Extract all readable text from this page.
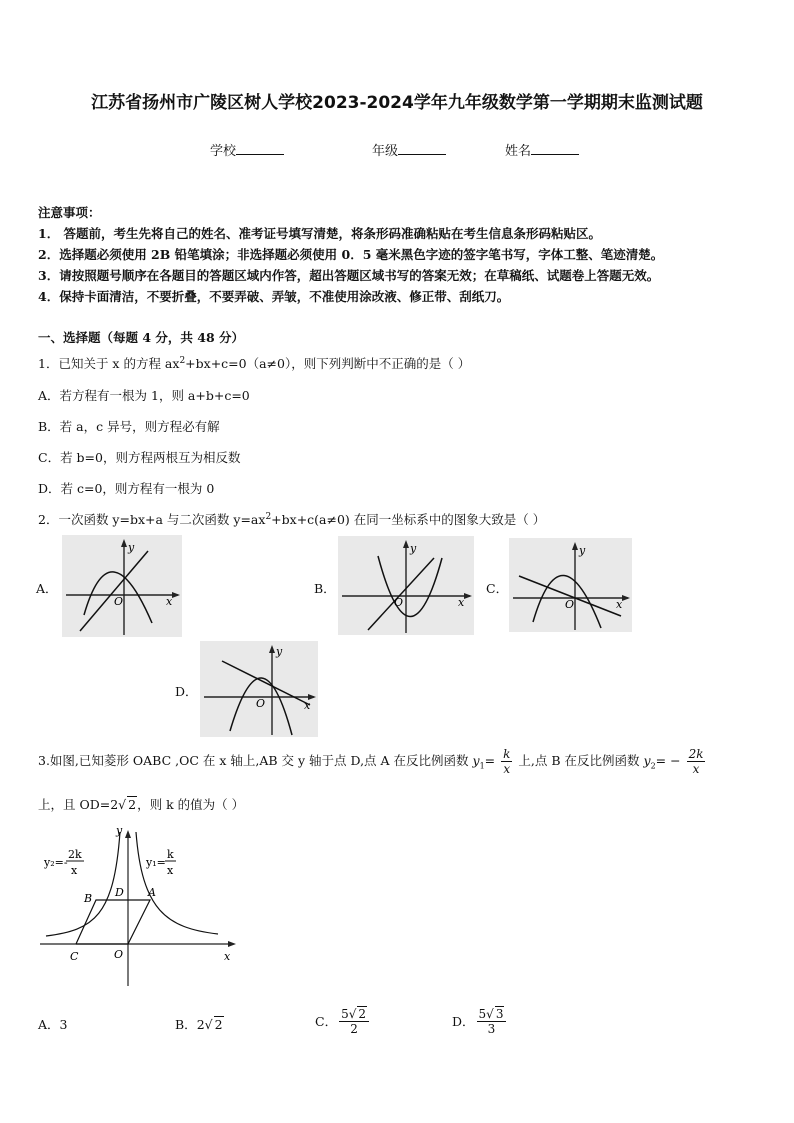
江苏省扬州市广陵区树人学校2023-2024学年九年级数学第一学期期末监测试题
学校	年级	姓名
注意事项：
1． 答题前，考生先将自己的姓名、准考证号填写清楚，将条形码准确粘贴在考生信息条形码粘贴区。
2．选择题必须使用 2B 铅笔填涂；非选择题必须使用 0．5 毫米黑色字迹的签字笔书写，字体工整、笔迹清楚。
3．请按照题号顺序在各题目的答题区域内作答，超出答题区域书写的答案无效；在草稿纸、试题卷上答题无效。
4．保持卡面清洁，不要折叠，不要弄破、弄皱，不准使用涂改液、修正带、刮纸刀。
一、选择题（每题 4 分，共 48 分）
1．已知关于 x 的方程 $ax^2+bx+c=0(a\ne 0)$，则下列判断中不正确的是（ ）
A．若方程有一根为 1，则 a+b+c=0
B．若 a，c 异号，则方程必有解
C．若 b=0，则方程两根互为相反数
D．若 c=0，则方程有一根为 0
2．一次函数 y=bx+a 与二次函数 $y=ax^2+bx+c(a\ne 0)$ 在同一坐标系中的图象大致是（ ）
A．
O	x
y
B．
O	x
y
C．
O	x
y
D．
O	x
y
3.如图,已知菱形 OABC ,OC 在 x 轴上,AB 交 y 轴于点 D,点 A 在反比例函数 $y_1= \frac{k}{x}$ 上,点 B 在反比例函数 $y_2= - \frac{2k}{x}$
上，且 OD=2√ 2，则 k 的值为（ ）
y₂=-
2k
x
y₁=
k
x
B D A
C	O	x
y
A．3	B．2√ 2	C． $\frac{5√ 2}{2}$	D． $\frac{5√ 3}{3}$
